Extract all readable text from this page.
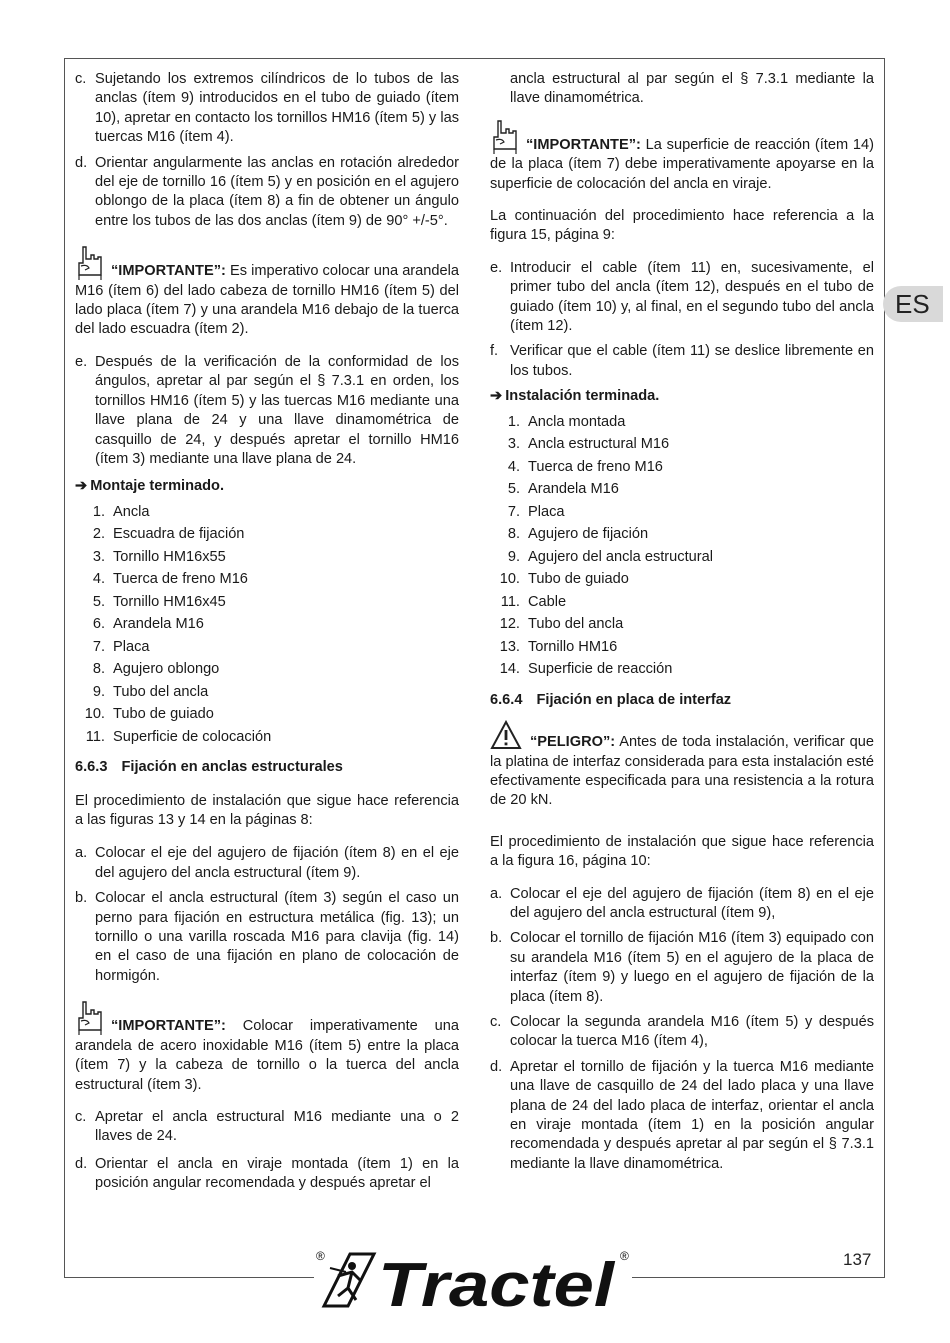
ES
c. Sujetando los extremos cilíndricos de lo tubos de las anclas (ítem 9) introducidos en el tubo de guiado (ítem 10), apretar en contacto los tornillos HM16 (ítem 5) y las tuercas M16 (ítem 4).
d. Orientar angularmente las anclas en rotación alrededor del eje de tornillo 16 (ítem 5) y en posición en el agujero oblongo de la placa (ítem 8) a fin de obtener un ángulo entre los tubos de las dos anclas (ítem 9) de 90° +/-5°.
“IMPORTANTE”: Es imperativo colocar una arandela M16 (ítem 6) del lado cabeza de tornillo HM16 (ítem 5) del lado placa (ítem 7) y una arandela M16 debajo de la tuerca del lado escuadra (ítem 2).
e. Después de la verificación de la conformidad de los ángulos, apretar al par según el § 7.3.1 en orden, los tornillos HM16 (ítem 5) y las tuercas M16 mediante una llave plana de 24 y una llave dinamométrica de casquillo de 24, y después apretar el tornillo HM16 (ítem 3) mediante una llave plana de 24.
➔ Montaje terminado.
1. Ancla
2. Escuadra de fijación
3. Tornillo HM16x55
4. Tuerca de freno M16
5. Tornillo HM16x45
6. Arandela M16
7. Placa
8. Agujero oblongo
9. Tubo del ancla
10. Tubo de guiado
11. Superficie de colocación
6.6.3 Fijación en anclas estructurales

El procedimiento de instalación que sigue hace referencia a las figuras 13 y 14 en la páginas 8:

a. Colocar el eje del agujero de fijación (ítem 8) en el eje del agujero del ancla estructural (ítem 9).
b. Colocar el ancla estructural (ítem 3) según el caso un perno para fijación en estructura metálica (fig. 13); un tornillo o una varilla roscada M16 para clavija (fig. 14) en el caso de una fijación en plano de colocación de hormigón.
“IMPORTANTE”: Colocar imperativamente una arandela de acero inoxidable M16 (ítem 5) entre la placa (ítem 7) y la cabeza de tornillo o la tuerca del ancla estructural (ítem 3).
c. Apretar el ancla estructural M16 mediante una o 2 llaves de 24.
d. Orientar el ancla en viraje montada (ítem 1) en la posición angular recomendada y después apretar el

ancla estructural al par según el § 7.3.1 mediante la llave dinamométrica.

“IMPORTANTE”: La superficie de reacción (ítem 14) de la placa (ítem 7) debe imperativamente apoyarse en la superficie de colocación del ancla en viraje.

La continuación del procedimiento hace referencia a la figura 15, página 9:

e. Introducir el cable (ítem 11) en, sucesivamente, el primer tubo del ancla (ítem 12), después en el tubo de guiado (ítem 10) y, al final, en el segundo tubo del ancla (ítem 12).
f. Verificar que el cable (ítem 11) se deslice libremente en los tubos.
➔ Instalación terminada.
1. Ancla montada
3. Ancla estructural M16
4. Tuerca de freno M16
5. Arandela M16
7. Placa
8. Agujero de fijación
9. Agujero del ancla estructural
10. Tubo de guiado
11. Cable
12. Tubo del ancla
13. Tornillo HM16
14. Superficie de reacción
6.6.4 Fijación en placa de interfaz
“PELIGRO”: Antes de toda instalación, verificar que la platina de interfaz considerada para esta instalación esté efectivamente especificada para una resistencia a la rotura de 20 kN.

El procedimiento de instalación que sigue hace referencia a la figura 16, página 10:

a. Colocar el eje del agujero de fijación (ítem 8) en el eje del agujero del ancla estructural (ítem 9),
b. Colocar el tornillo de fijación M16 (ítem 3) equipado con su arandela M16 (ítem 5) en el agujero de la placa de interfaz (ítem 9) y luego en el agujero de fijación de la placa (ítem 8).
c. Colocar la segunda arandela M16 (ítem 5) y después colocar la tuerca M16 (ítem 4),
d. Apretar el tornillo de fijación y la tuerca M16 mediante una llave de casquillo de 24 del lado placa y una llave plana de 24 del lado placa de interfaz, orientar el ancla en viraje montada (ítem 1) en la posición angular recomendada y después apretar al par según el § 7.3.1 mediante la llave dinamométrica.
® Tractel ®	137
